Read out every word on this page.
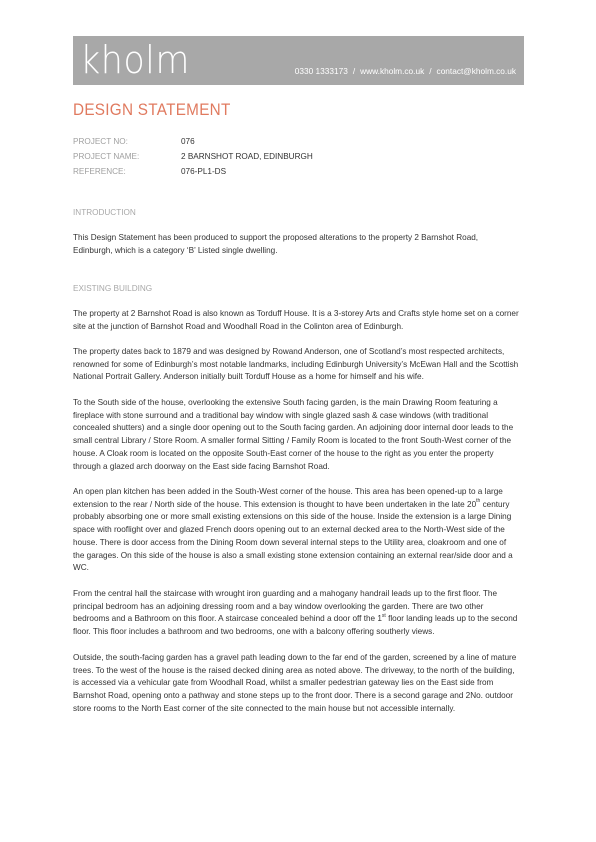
kholm	0330 1333173 / www.kholm.co.uk / contact@kholm.co.uk
DESIGN STATEMENT
PROJECT NO:	076
PROJECT NAME:	2 BARNSHOT ROAD, EDINBURGH
REFERENCE:	076-PL1-DS
INTRODUCTION
This Design Statement has been produced to support the proposed alterations to the property 2 Barnshot Road, Edinburgh, which is a category ‘B’ Listed single dwelling.
EXISTING BUILDING
The property at 2 Barnshot Road is also known as Torduff House. It is a 3-storey Arts and Crafts style home set on a corner site at the junction of Barnshot Road and Woodhall Road in the Colinton area of Edinburgh.
The property dates back to 1879 and was designed by Rowand Anderson, one of Scotland’s most respected architects, renowned for some of Edinburgh’s most notable landmarks, including Edinburgh University’s McEwan Hall and the Scottish National Portrait Gallery. Anderson initially built Torduff House as a home for himself and his wife.
To the South side of the house, overlooking the extensive South facing garden, is the main Drawing Room featuring a fireplace with stone surround and a traditional bay window with single glazed sash & case windows (with traditional concealed shutters) and a single door opening out to the South facing garden. An adjoining door internal door leads to the small central Library / Store Room. A smaller formal Sitting / Family Room is located to the front South-West corner of the house. A Cloak room is located on the opposite South-East corner of the house to the right as you enter the property through a glazed arch doorway on the East side facing Barnshot Road.
An open plan kitchen has been added in the South-West corner of the house. This area has been opened-up to a large extension to the rear / North side of the house. This extension is thought to have been undertaken in the late 20th century probably absorbing one or more small existing extensions on this side of the house. Inside the extension is a large Dining space with rooflight over and glazed French doors opening out to an external decked area to the North-West side of the house. There is door access from the Dining Room down several internal steps to the Utility area, cloakroom and one of the garages. On this side of the house is also a small existing stone extension containing an external rear/side door and a WC.
From the central hall the staircase with wrought iron guarding and a mahogany handrail leads up to the first floor. The principal bedroom has an adjoining dressing room and a bay window overlooking the garden. There are two other bedrooms and a Bathroom on this floor. A staircase concealed behind a door off the 1st floor landing leads up to the second floor. This floor includes a bathroom and two bedrooms, one with a balcony offering southerly views.
Outside, the south-facing garden has a gravel path leading down to the far end of the garden, screened by a line of mature trees. To the west of the house is the raised decked dining area as noted above. The driveway, to the north of the building, is accessed via a vehicular gate from Woodhall Road, whilst a smaller pedestrian gateway lies on the East side from Barnshot Road, opening onto a pathway and stone steps up to the front door. There is a second garage and 2No. outdoor store rooms to the North East corner of the site connected to the main house but not accessible internally.
